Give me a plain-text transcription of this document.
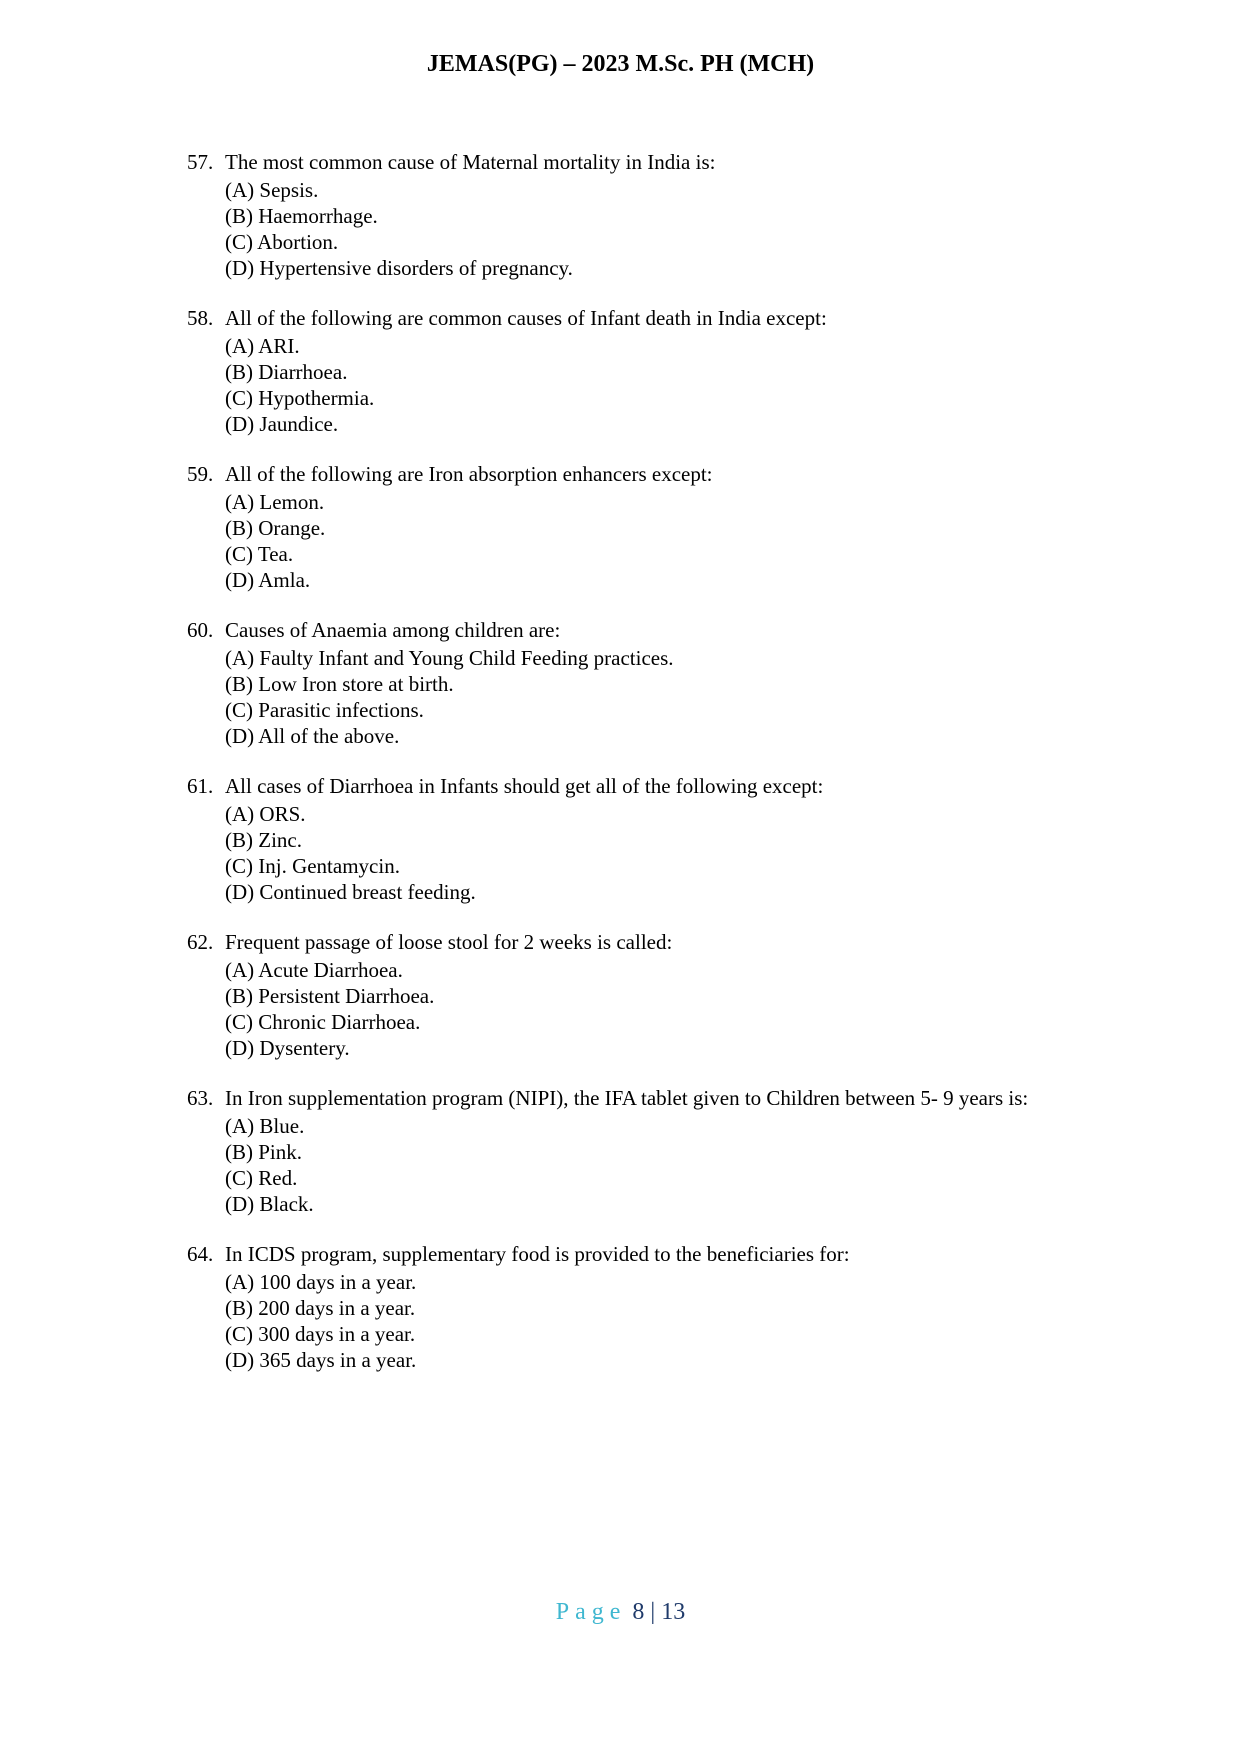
JEMAS(PG) – 2023 M.Sc. PH (MCH)
57. The most common cause of Maternal mortality in India is:
(A) Sepsis.
(B) Haemorrhage.
(C) Abortion.
(D) Hypertensive disorders of pregnancy.
58. All of the following are common causes of Infant death in India except:
(A) ARI.
(B) Diarrhoea.
(C) Hypothermia.
(D) Jaundice.
59. All of the following are Iron absorption enhancers except:
(A) Lemon.
(B) Orange.
(C) Tea.
(D) Amla.
60. Causes of Anaemia among children are:
(A) Faulty Infant and Young Child Feeding practices.
(B) Low Iron store at birth.
(C) Parasitic infections.
(D) All of the above.
61. All cases of Diarrhoea in Infants should get all of the following except:
(A) ORS.
(B) Zinc.
(C) Inj. Gentamycin.
(D) Continued breast feeding.
62. Frequent passage of loose stool for 2 weeks is called:
(A) Acute Diarrhoea.
(B) Persistent Diarrhoea.
(C) Chronic Diarrhoea.
(D) Dysentery.
63. In Iron supplementation program (NIPI), the IFA tablet given to Children between 5- 9 years is:
(A) Blue.
(B) Pink.
(C) Red.
(D) Black.
64. In ICDS program, supplementary food is provided to the beneficiaries for:
(A) 100 days in a year.
(B) 200 days in a year.
(C) 300 days in a year.
(D) 365 days in a year.
Page 8 | 13
